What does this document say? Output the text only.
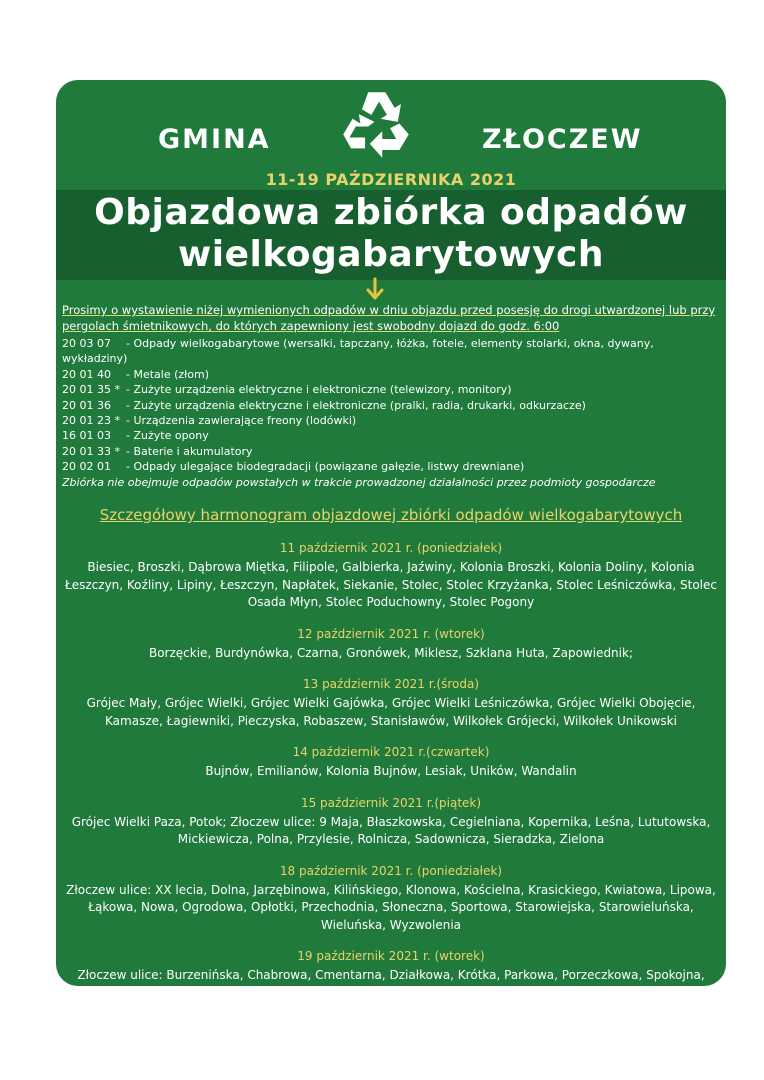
GMINA	ZŁOCZEW
11-19 PAŹDZIERNIKA 2021
Objazdowa zbiórka odpadów
wielkogabarytowych
Prosimy o wystawienie niżej wymienionych odpadów w dniu objazdu przed posesję do drogi utwardzonej lub przy pergolach śmietnikowych, do których zapewniony jest swobodny dojazd do godz. 6:00
20 03 07 - Odpady wielkogabarytowe (wersalki, tapczany, łóżka, fotele, elementy stolarki, okna, dywany, wykładziny)
20 01 40	- Metale (złom)
20 01 35 * - Zużyte urządzenia elektryczne i elektroniczne (telewizory, monitory)
20 01 36	- Zużyte urządzenia elektryczne i elektroniczne (pralki, radia, drukarki, odkurzacze)
20 01 23 * - Urządzenia zawierające freony (lodówki)
16 01 03	- Zużyte opony
20 01 33 * - Baterie i akumulatory
20 02 01	- Odpady ulegające biodegradacji (powiązane gałęzie, listwy drewniane)
Zbiórka nie obejmuje odpadów powstałych w trakcie prowadzonej działalności przez podmioty gospodarcze
Szczegółowy harmonogram objazdowej zbiórki odpadów wielkogabarytowych
11 październik 2021 r. (poniedziałek)
Biesiec, Broszki, Dąbrowa Miętka, Filipole, Galbierka, Jaźwiny, Kolonia Broszki, Kolonia Doliny, Kolonia Łeszczyn, Koźliny, Lipiny, Łeszczyn, Napłatek, Siekanie, Stolec, Stolec Krzyżanka, Stolec Leśniczówka, Stolec Osada Młyn, Stolec Poduchowny, Stolec Pogony
12 październik 2021 r. (wtorek)
Borzęckie, Burdynówka, Czarna, Gronówek, Miklesz, Szklana Huta, Zapowiednik;
13 październik 2021 r.(środa)
Grójec Mały, Grójec Wielki, Grójec Wielki Gajówka, Grójec Wielki Leśniczówka, Grójec Wielki Obojęcie, Kamasze, Łagiewniki, Pieczyska, Robaszew, Stanisławów, Wilkołek Grójecki, Wilkołek Unikowski
14 październik 2021 r.(czwartek)
Bujnów, Emilianów, Kolonia Bujnów, Lesiak, Uników, Wandalin
15 październik 2021 r.(piątek)
Grójec Wielki Paza, Potok; Złoczew ulice: 9 Maja, Błaszkowska, Cegielniana, Kopernika, Leśna, Lututowska, Mickiewicza, Polna, Przylesie, Rolnicza, Sadownicza, Sieradzka, Zielona
18 październik 2021 r. (poniedziałek)
Złoczew ulice: XX lecia, Dolna, Jarzębinowa, Kilińskiego, Klonowa, Kościelna, Krasickiego, Kwiatowa, Lipowa, Łąkowa, Nowa, Ogrodowa, Opłotki, Przechodnia, Słoneczna, Sportowa, Starowiejska, Starowieluńska, Wieluńska, Wyzwolenia
19 październik 2021 r. (wtorek)
Złoczew ulice: Burzenińska, Chabrowa, Cmentarna, Działkowa, Krótka, Parkowa, Porzeczkowa, Spokojna, Spółdzielcza, Szeroka, Szkolna, Wodna, Wspólna
